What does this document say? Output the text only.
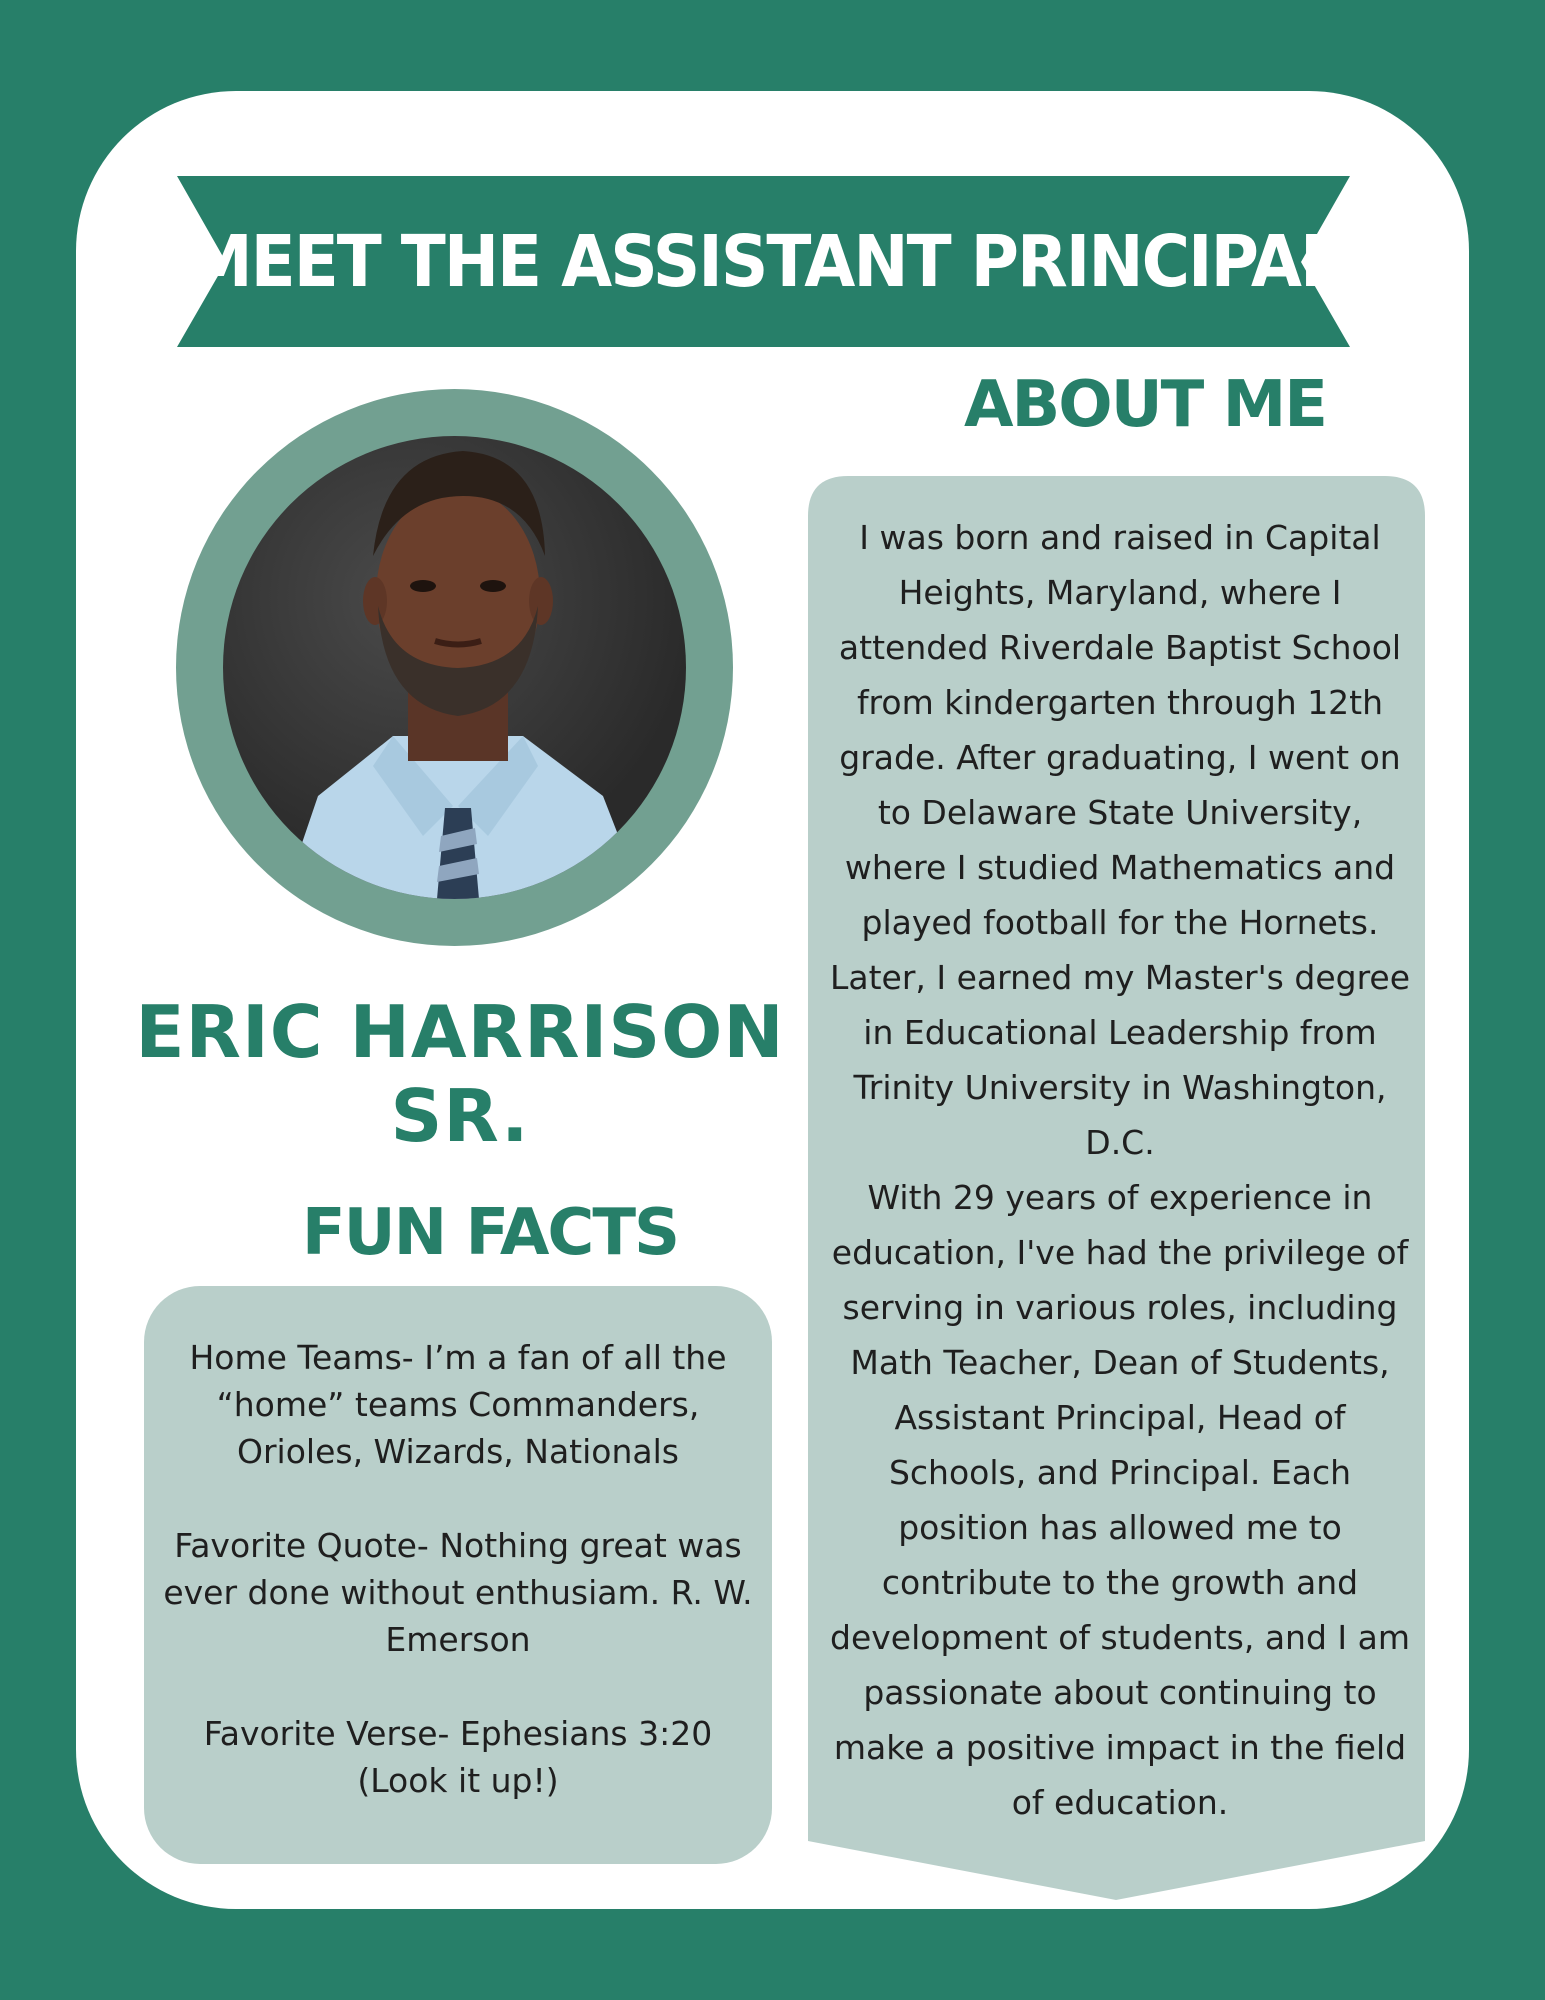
MEET THE ASSISTANT PRINCIPAL
ABOUT ME
ERIC HARRISON SR.
FUN FACTS

Home Teams- I’m a fan of all the “home” teams Commanders, Orioles, Wizards, Nationals

Favorite Quote- Nothing great was ever done without enthusiam. R. W. Emerson

Favorite Verse- Ephesians 3:20 (Look it up!)

I was born and raised in Capital Heights, Maryland, where I attended Riverdale Baptist School from kindergarten through 12th grade. After graduating, I went on to Delaware State University, where I studied Mathematics and played football for the Hornets. Later, I earned my Master's degree in Educational Leadership from Trinity University in Washington, D.C.

With 29 years of experience in education, I've had the privilege of serving in various roles, including Math Teacher, Dean of Students, Assistant Principal, Head of Schools, and Principal. Each position has allowed me to contribute to the growth and development of students, and I am passionate about continuing to make a positive impact in the field of education.
